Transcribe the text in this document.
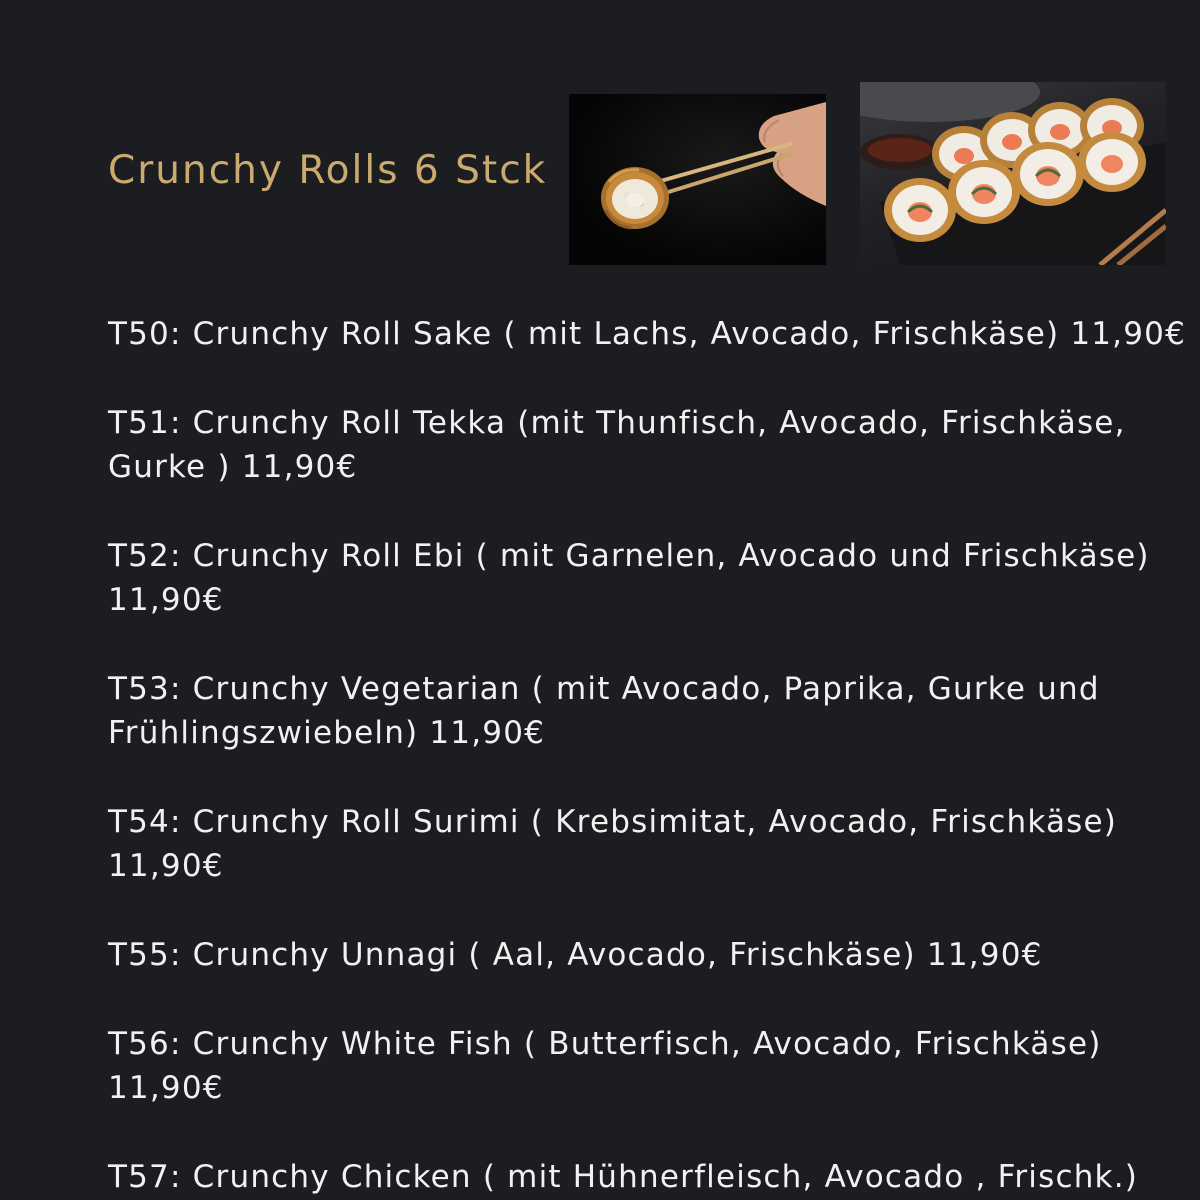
Crunchy Rolls 6 Stck
T50: Crunchy Roll Sake ( mit Lachs, Avocado, Frischkäse) 11,90€
T51: Crunchy Roll Tekka (mit Thunfisch, Avocado, Frischkäse, Gurke ) 11,90€
T52: Crunchy Roll Ebi ( mit Garnelen, Avocado und Frischkäse) 11,90€
T53: Crunchy Vegetarian ( mit Avocado, Paprika, Gurke und Frühlingszwiebeln) 11,90€
T54: Crunchy Roll Surimi ( Krebsimitat, Avocado, Frischkäse) 11,90€
T55: Crunchy Unnagi ( Aal, Avocado, Frischkäse) 11,90€
T56: Crunchy White Fish ( Butterfisch, Avocado, Frischkäse) 11,90€
T57: Crunchy Chicken ( mit Hühnerfleisch, Avocado , Frischk.)
